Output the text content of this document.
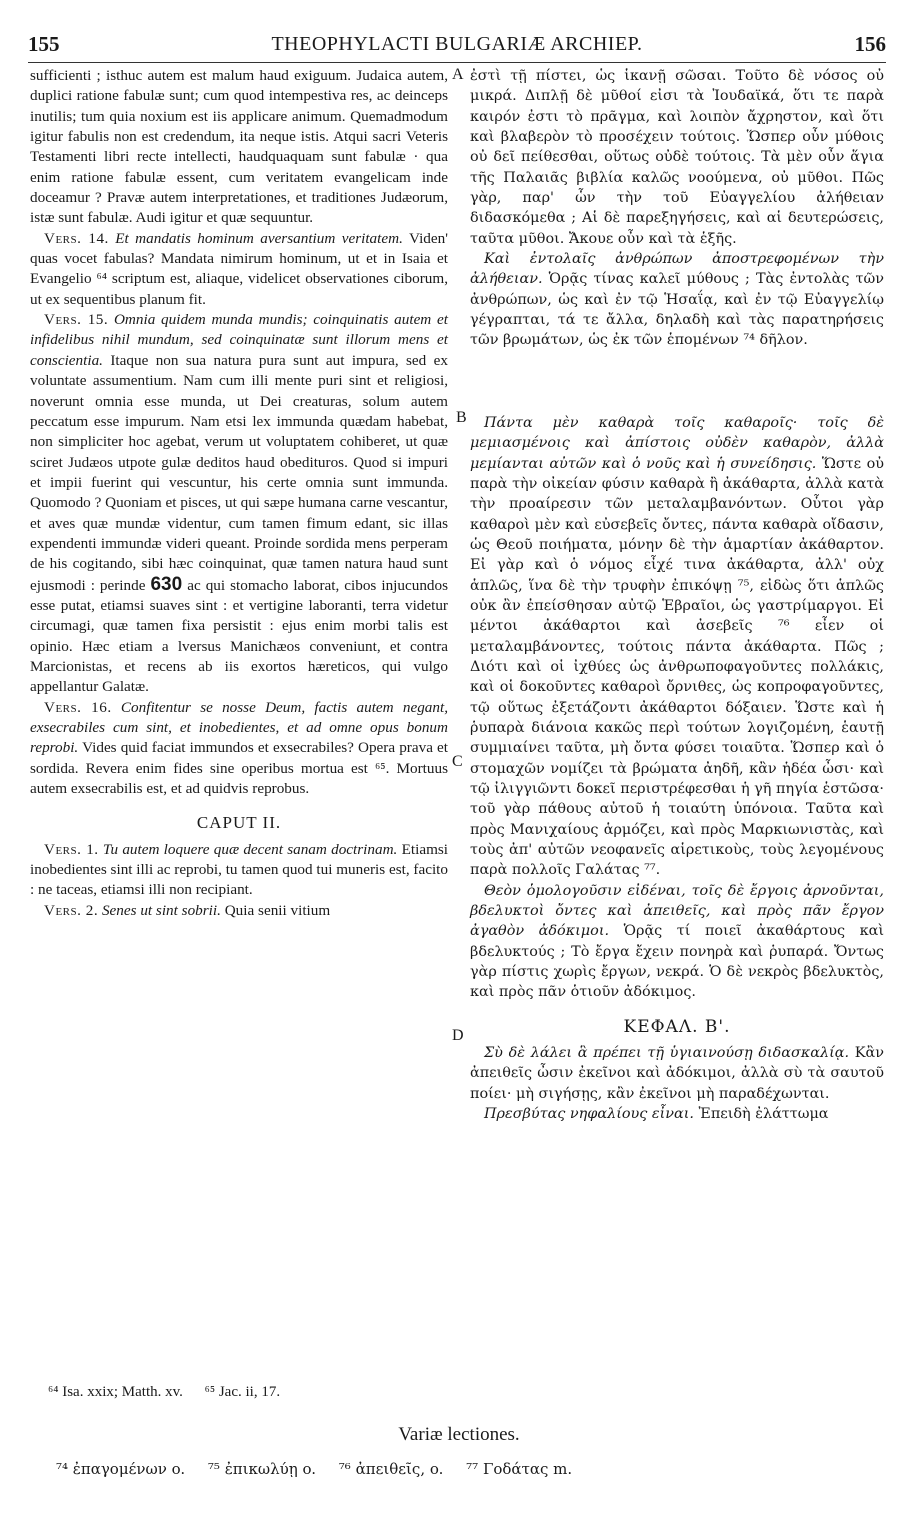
155	THEOPHYLACTI BULGARIÆ ARCHIEP.	156
A
B
C
D

sufficienti ; isthuc autem est malum haud exiguum. Judaica autem, duplici ratione fabulæ sunt; cum quod intempestiva res, ac deinceps inutilis; tum quia noxium est iis applicare animum. Quemadmodum igitur fabulis non est credendum, ita neque istis. Atqui sacri Veteris Testamenti libri recte intellecti, haudquaquam sunt fabulæ · qua enim ratione fabulæ essent, cum veritatem evangelicam inde doceamur ? Pravæ autem interpretationes, et traditiones Judæorum, istæ sunt fabulæ. Audi igitur et quæ sequuntur.

Vers. 14. Et mandatis hominum aversantium veritatem. Viden' quas vocet fabulas? Mandata nimirum hominum, ut et in Isaia et Evangelio ⁶⁴ scriptum est, aliaque, videlicet observationes ciborum, ut ex sequentibus planum fit.

Vers. 15. Omnia quidem munda mundis; coinquinatis autem et infidelibus nihil mundum, sed coinquinatæ sunt illorum mens et conscientia. Itaque non sua natura pura sunt aut impura, sed ex voluntate assumentium. Nam cum illi mente puri sint et religiosi, noverunt omnia esse munda, ut Dei creaturas, solum autem peccatum esse impurum. Nam etsi lex immunda quædam habebat, non simpliciter hoc agebat, verum ut voluptatem cohiberet, ut quæ sciret Judæos utpote gulæ deditos haud obedituros. Quod si impuri et impii fuerint qui vescuntur, his certe omnia sunt immunda. Quomodo ? Quoniam et pisces, ut qui sæpe humana carne vescantur, et aves quæ mundæ videntur, cum tamen fimum edant, sic illas expendenti immundæ videri queant. Proinde sordida mens perperam de his cogitando, sibi hæc coinquinat, quæ tamen natura haud sunt ejusmodi : perinde 630 ac qui stomacho laborat, cibos injucundos esse putat, etiamsi suaves sint : et vertigine laboranti, terra videtur circumagi, quæ tamen fixa persistit : ejus enim morbi talis est opinio. Hæc etiam a lversus Manichæos conveniunt, et contra Marcionistas, et recens ab iis exortos hæreticos, qui vulgo appellantur Galatæ.

Vers. 16. Confitentur se nosse Deum, factis autem negant, exsecrabiles cum sint, et inobedientes, et ad omne opus bonum reprobi. Vides quid faciat immundos et exsecrabiles? Opera prava et sordida. Revera enim fides sine operibus mortua est ⁶⁵. Mortuus autem exsecrabilis est, et ad quidvis reprobus.

CAPUT II.

Vers. 1. Tu autem loquere quæ decent sanam doctrinam. Etiamsi inobedientes sint illi ac reprobi, tu tamen quod tui muneris est, facito : ne taceas, etiamsi illi non recipiant.

Vers. 2. Senes ut sint sobrii. Quia senii vitium

ἐστὶ τῇ πίστει, ὡς ἱκανῇ σῶσαι. Τοῦτο δὲ νόσος οὐ μικρά. Διπλῇ δὲ μῦθοί εἰσι τὰ Ἰουδαϊκά, ὅτι τε παρὰ καιρόν ἐστι τὸ πρᾶγμα, καὶ λοιπὸν ἄχρηστον, καὶ ὅτι καὶ βλαβερὸν τὸ προσέχειν τούτοις. Ὥσπερ οὖν μύθοις οὐ δεῖ πείθεσθαι, οὕτως οὐδὲ τούτοις. Τὰ μὲν οὖν ἅγια τῆς Παλαιᾶς βιβλία καλῶς νοούμενα, οὐ μῦθοι. Πῶς γὰρ, παρ' ὧν τὴν τοῦ Εὐαγγελίου ἀλήθειαν διδασκόμεθα ; Αἱ δὲ παρεξηγήσεις, καὶ αἱ δευτερώσεις, ταῦτα μῦθοι. Ἄκουε οὖν καὶ τὰ ἑξῆς.

Καὶ ἐντολαῖς ἀνθρώπων ἀποστρεφομένων τὴν ἀλήθειαν. Ὁρᾷς τίνας καλεῖ μύθους ; Τὰς ἐντολὰς τῶν ἀνθρώπων, ὡς καὶ ἐν τῷ Ἡσαΐᾳ, καὶ ἐν τῷ Εὐαγγελίῳ γέγραπται, τά τε ἄλλα, δηλαδὴ καὶ τὰς παρατηρήσεις τῶν βρωμάτων, ὡς ἐκ τῶν ἑπομένων ⁷⁴ δῆλον.

Πάντα μὲν καθαρὰ τοῖς καθαροῖς· τοῖς δὲ μεμιασμένοις καὶ ἀπίστοις οὐδὲν καθαρὸν, ἀλλὰ μεμίανται αὐτῶν καὶ ὁ νοῦς καὶ ἡ συνείδησις. Ὥστε οὐ παρὰ τὴν οἰκείαν φύσιν καθαρὰ ἢ ἀκάθαρτα, ἀλλὰ κατὰ τὴν προαίρεσιν τῶν μεταλαμβανόντων. Οὗτοι γὰρ καθαροὶ μὲν καὶ εὐσεβεῖς ὄντες, πάντα καθαρὰ οἴδασιν, ὡς Θεοῦ ποιήματα, μόνην δὲ τὴν ἁμαρτίαν ἀκάθαρτον. Εἰ γὰρ καὶ ὁ νόμος εἶχέ τινα ἀκάθαρτα, ἀλλ' οὐχ ἁπλῶς, ἵνα δὲ τὴν τρυφὴν ἐπικόψῃ ⁷⁵, εἰδὼς ὅτι ἁπλῶς οὐκ ἂν ἐπείσθησαν αὐτῷ Ἑβραῖοι, ὡς γαστρίμαργοι. Εἰ μέντοι ἀκάθαρτοι καὶ ἀσεβεῖς ⁷⁶ εἶεν οἱ μεταλαμβάνοντες, τούτοις πάντα ἀκάθαρτα. Πῶς ; Διότι καὶ οἱ ἰχθύες ὡς ἀνθρωποφαγοῦντες πολλάκις, καὶ οἱ δοκοῦντες καθαροὶ ὄρνιθες, ὡς κοπροφαγοῦντες, τῷ οὕτως ἐξετάζοντι ἀκάθαρτοι δόξαιεν. Ὥστε καὶ ἡ ῥυπαρὰ διάνοια κακῶς περὶ τούτων λογιζομένη, ἑαυτῇ συμμιαίνει ταῦτα, μὴ ὄντα φύσει τοιαῦτα. Ὥσπερ καὶ ὁ στομαχῶν νομίζει τὰ βρώματα ἀηδῆ, κἂν ἡδέα ὦσι· καὶ τῷ ἰλιγγιῶντι δοκεῖ περιστρέφεσθαι ἡ γῆ πηγία ἑστῶσα· τοῦ γὰρ πάθους αὐτοῦ ἡ τοιαύτη ὑπόνοια. Ταῦτα καὶ πρὸς Μανιχαίους ἁρμόζει, καὶ πρὸς Μαρκιωνιστὰς, καὶ τοὺς ἀπ' αὐτῶν νεοφανεῖς αἱρετικοὺς, τοὺς λεγομένους παρὰ πολλοῖς Γαλάτας ⁷⁷.

Θεὸν ὁμολογοῦσιν εἰδέναι, τοῖς δὲ ἔργοις ἀρνοῦνται, βδελυκτοὶ ὄντες καὶ ἀπειθεῖς, καὶ πρὸς πᾶν ἔργον ἀγαθὸν ἀδόκιμοι. Ὁρᾷς τί ποιεῖ ἀκαθάρτους καὶ βδελυκτούς ; Τὸ ἔργα ἔχειν πονηρὰ καὶ ῥυπαρά. Ὄντως γὰρ πίστις χωρὶς ἔργων, νεκρά. Ὁ δὲ νεκρὸς βδελυκτὸς, καὶ πρὸς πᾶν ὁτιοῦν ἀδόκιμος.

ΚΕΦΑΛ. Β'.

Σὺ δὲ λάλει ἃ πρέπει τῇ ὑγιαινούσῃ διδασκαλίᾳ. Κἂν ἀπειθεῖς ὦσιν ἐκεῖνοι καὶ ἀδόκιμοι, ἀλλὰ σὺ τὰ σαυτοῦ ποίει· μὴ σιγήσῃς, κἂν ἐκεῖνοι μὴ παραδέχωνται.

Πρεσβύτας νηφαλίους εἶναι. Ἐπειδὴ ἐλάττωμα

⁶⁴ Isa. xxix; Matth. xv. ⁶⁵ Jac. ii, 17.
Variæ lectiones.
⁷⁴ ἐπαγομένων o. ⁷⁵ ἐπικωλύῃ o. ⁷⁶ ἀπειθεῖς, o. ⁷⁷ Γοδάτας m.
